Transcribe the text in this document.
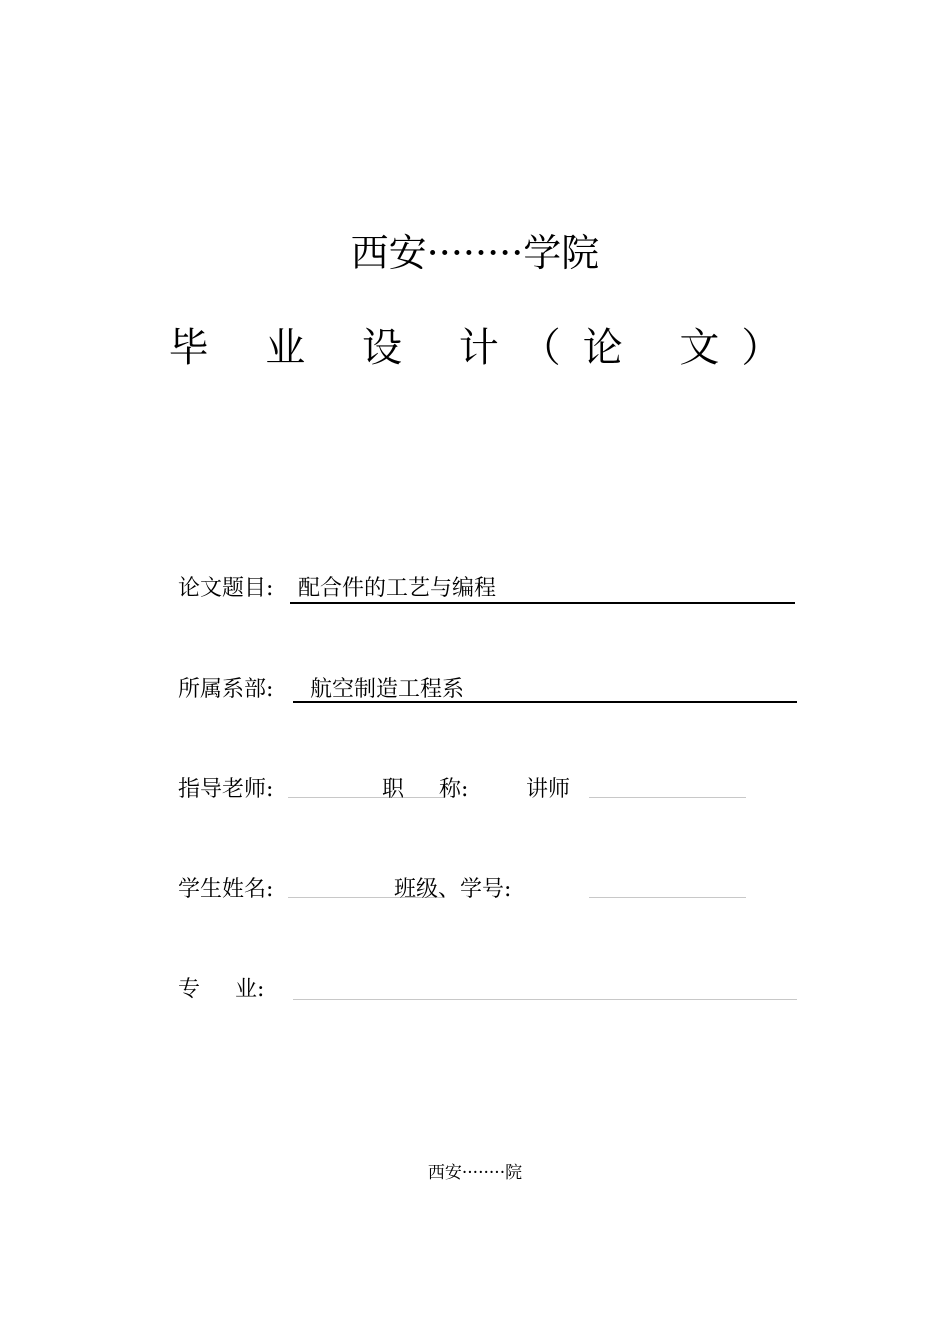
西安········学院
毕 业 设 计（论 文）
论文题目: 配合件的工艺与编程
所属系部: 航空制造工程系
指导老师:	职     称:	讲师
学生姓名:	班级、学号:
专     业:
西安········院
